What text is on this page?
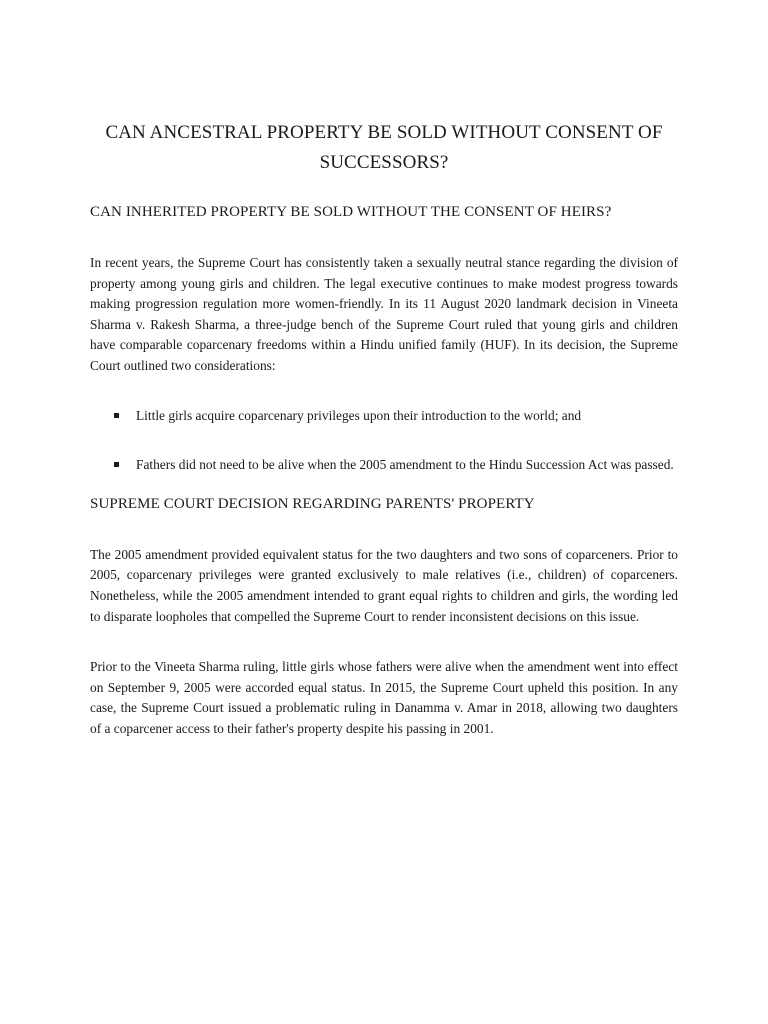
CAN ANCESTRAL PROPERTY BE SOLD WITHOUT CONSENT OF SUCCESSORS?
CAN INHERITED PROPERTY BE SOLD WITHOUT THE CONSENT OF HEIRS?

In recent years, the Supreme Court has consistently taken a sexually neutral stance regarding the division of property among young girls and children. The legal executive continues to make modest progress towards making progression regulation more women-friendly. In its 11 August 2020 landmark decision in Vineeta Sharma v. Rakesh Sharma, a three-judge bench of the Supreme Court ruled that young girls and children have comparable coparcenary freedoms within a Hindu unified family (HUF). In its decision, the Supreme Court outlined two considerations:

Little girls acquire coparcenary privileges upon their introduction to the world; and
Fathers did not need to be alive when the 2005 amendment to the Hindu Succession Act was passed.
SUPREME COURT DECISION REGARDING PARENTS' PROPERTY

The 2005 amendment provided equivalent status for the two daughters and two sons of coparceners. Prior to 2005, coparcenary privileges were granted exclusively to male relatives (i.e., children) of coparceners. Nonetheless, while the 2005 amendment intended to grant equal rights to children and girls, the wording led to disparate loopholes that compelled the Supreme Court to render inconsistent decisions on this issue.

Prior to the Vineeta Sharma ruling, little girls whose fathers were alive when the amendment went into effect on September 9, 2005 were accorded equal status. In 2015, the Supreme Court upheld this position. In any case, the Supreme Court issued a problematic ruling in Danamma v. Amar in 2018, allowing two daughters of a coparcener access to their father's property despite his passing in 2001.
